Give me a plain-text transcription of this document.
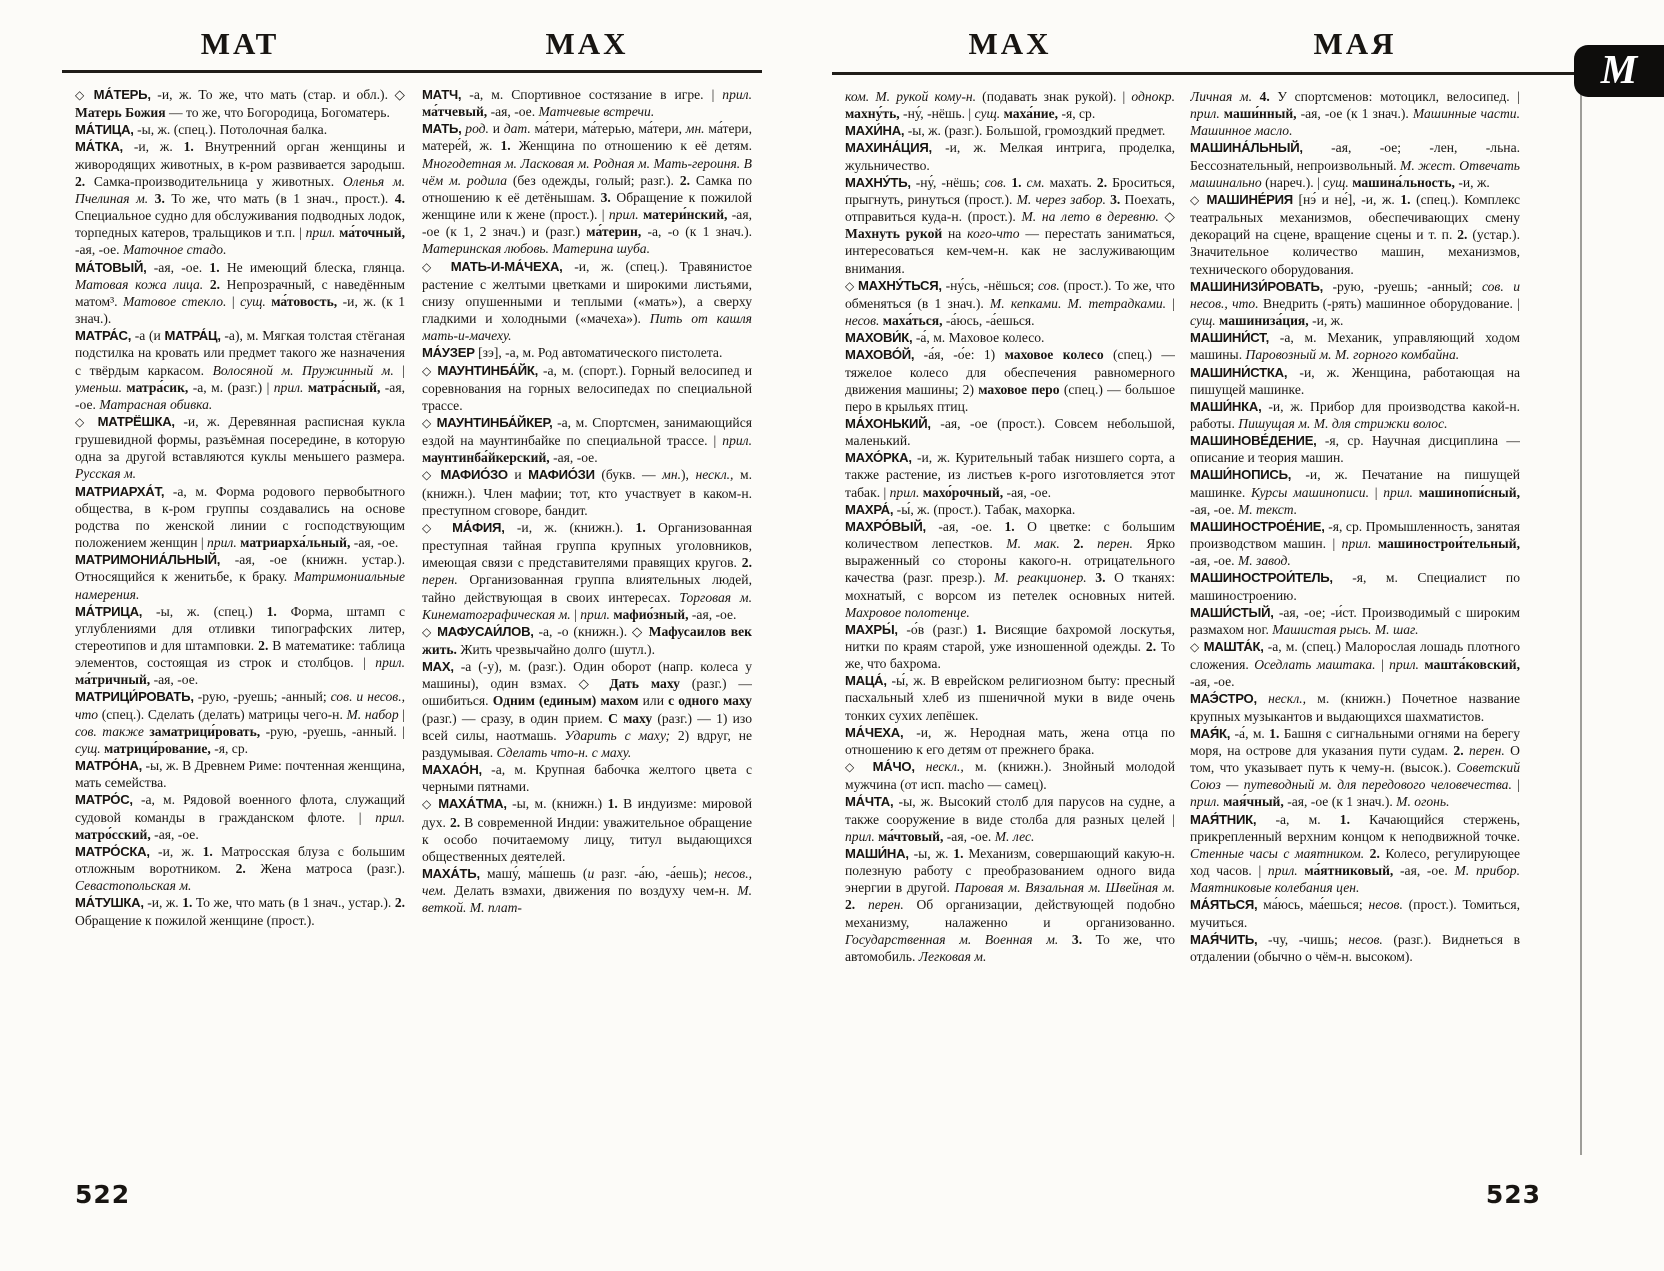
МАТ	МАХ	МАХ	МАЯ
M

◇ МА́ТЕРЬ, -и, ж. То же, что мать (стар. и обл.). ◇ Матерь Божия — то же, что Богородица, Богоматерь.

МА́ТИЦА, -ы, ж. (спец.). Потолочная балка.

МА́ТКА, -и, ж. 1. Внутренний орган женщины и живородящих животных, в к-ром развивается зародыш. 2. Самка-производительница у животных. Оленья м. Пчелиная м. 3. То же, что мать (в 1 знач., прост.). 4. Специальное судно для обслуживания подводных лодок, торпедных катеров, тральщиков и т.п. | прил. ма́точный, -ая, -ое. Маточное стадо.

МА́ТОВЫЙ, -ая, -ое. 1. Не имеющий блеска, глянца. Матовая кожа лица. 2. Непрозрачный, с наведённым матом³. Матовое стекло. | сущ. ма́товость, -и, ж. (к 1 знач.).

МАТРА́С, -а (и МАТРА́Ц, -а), м. Мягкая толстая стёганая подстилка на кровать или предмет такого же назначения с твёрдым каркасом. Волосяной м. Пружинный м. | уменьш. матра́сик, -а, м. (разг.) | прил. матра́сный, -ая, -ое. Матрасная обивка.

◇ МАТРЁШКА, -и, ж. Деревянная расписная кукла грушевидной формы, разъёмная посередине, в которую одна за другой вставляются куклы меньшего размера. Русская м.

МАТРИАРХА́Т, -а, м. Форма родового первобытного общества, в к-ром группы создавались на основе родства по женской линии с господствующим положением женщин | прил. матриарха́льный, -ая, -ое.

МАТРИМОНИА́ЛЬНЫЙ, -ая, -ое (книжн. устар.). Относящийся к женитьбе, к браку. Матримониальные намерения.

МА́ТРИЦА, -ы, ж. (спец.) 1. Форма, штамп с углублениями для отливки типографских литер, стереотипов и для штамповки. 2. В математике: таблица элементов, состоящая из строк и столбцов. | прил. ма́тричный, -ая, -ое.

МАТРИЦИ́РОВАТЬ, -рую, -руешь; -анный; сов. и несов., что (спец.). Сделать (делать) матрицы чего-н. М. набор | сов. также заматрици́ровать, -рую, -руешь, -анный. | сущ. матрици́рование, -я, ср.

МАТРО́НА, -ы, ж. В Древнем Риме: почтенная женщина, мать семейства.

МАТРО́С, -а, м. Рядовой военного флота, служащий судовой команды в гражданском флоте. | прил. матро́сский, -ая, -ое.

МАТРО́СКА, -и, ж. 1. Матросская блуза с большим отложным воротником. 2. Жена матроса (разг.). Севастопольская м.

МА́ТУШКА, -и, ж. 1. То же, что мать (в 1 знач., устар.). 2. Обращение к пожилой женщине (прост.).

МАТЧ, -а, м. Спортивное состязание в игре. | прил. ма́тчевый, -ая, -ое. Матчевые встречи.

МАТЬ, род. и дат. ма́тери, ма́терью, ма́тери, мн. ма́тери, матере́й, ж. 1. Женщина по отношению к её детям. Многодетная м. Ласковая м. Родная м. Мать-героиня. В чём м. родила (без одежды, голый; разг.). 2. Самка по отношению к её детёнышам. 3. Обращение к пожилой женщине или к жене (прост.). | прил. матери́нский, -ая, -ое (к 1, 2 знач.) и (разг.) ма́терин, -а, -о (к 1 знач.). Материнская любовь. Материна шуба.

◇ МАТЬ-И-МА́ЧЕХА, -и, ж. (спец.). Травянистое растение с желтыми цветками и широкими листьями, снизу опушенными и теплыми («мать»), а сверху гладкими и холодными («мачеха»). Пить от кашля мать-и-мачеху.

МА́УЗЕР [зэ], -а, м. Род автоматического пистолета.

◇ МАУНТИНБА́ЙК, -а, м. (спорт.). Горный велосипед и соревнования на горных велосипедах по специальной трассе.

◇ МАУНТИНБА́ЙКЕР, -а, м. Спортсмен, занимающийся ездой на маунтинбайке по специальной трассе. | прил. маунтинба́йкерский, -ая, -ое.

◇ МАФИО́ЗО и МАФИО́ЗИ (букв. — мн.), нескл., м. (книжн.). Член мафии; тот, кто участвует в каком-н. преступном сговоре, бандит.

◇ МА́ФИЯ, -и, ж. (книжн.). 1. Организованная преступная тайная группа крупных уголовников, имеющая связи с представителями правящих кругов. 2. перен. Организованная группа влиятельных людей, тайно действующая в своих интересах. Торговая м. Кинематографическая м. | прил. мафио́зный, -ая, -ое.

◇ МАФУСАИ́ЛОВ, -а, -о (книжн.). ◇ Мафусаилов век жить. Жить чрезвычайно долго (шутл.).

МАХ, -а (-у), м. (разг.). Один оборот (напр. колеса у машины), один взмах. ◇ Дать маху (разг.) — ошибиться. Одним (единым) махом или с одного маху (разг.) — сразу, в один прием. С маху (разг.) — 1) изо всей силы, наотмашь. Ударить с маху; 2) вдруг, не раздумывая. Сделать что-н. с маху.

МАХАО́Н, -а, м. Крупная бабочка желтого цвета с черными пятнами.

◇ МАХА́ТМА, -ы, м. (книжн.) 1. В индуизме: мировой дух. 2. В современной Индии: уважительное обращение к особо почитаемому лицу, титул выдающихся общественных деятелей.

МАХА́ТЬ, машу́, ма́шешь (и разг. -а́ю, -а́ешь); несов., чем. Делать взмахи, движения по воздуху чем-н. М. веткой. М. плат-

ком. М. рукой кому-н. (подавать знак рукой). | однокр. махну́ть, -ну́, -нёшь. | сущ. маха́ние, -я, ср.

МАХИ́НА, -ы, ж. (разг.). Большой, громоздкий предмет.

МАХИНА́ЦИЯ, -и, ж. Мелкая интрига, проделка, жульничество.

МАХНУ́ТЬ, -ну́, -нёшь; сов. 1. см. махать. 2. Броситься, прыгнуть, ринуться (прост.). М. через забор. 3. Поехать, отправиться куда-н. (прост.). М. на лето в деревню. ◇ Махнуть рукой на кого-что — перестать заниматься, интересоваться кем-чем-н. как не заслуживающим внимания.

◇ МАХНУ́ТЬСЯ, -ну́сь, -нёшься; сов. (прост.). То же, что обменяться (в 1 знач.). М. кепками. М. тетрадками. | несов. маха́ться, -а́юсь, -а́ешься.

МАХОВИ́К, -а́, м. Маховое колесо.

МАХОВО́Й, -а́я, -о́е: 1) маховое колесо (спец.) — тяжелое колесо для обеспечения равномерного движения машины; 2) маховое перо (спец.) — большое перо в крыльях птиц.

МА́ХОНЬКИЙ, -ая, -ое (прост.). Совсем небольшой, маленький.

МАХО́РКА, -и, ж. Курительный табак низшего сорта, а также растение, из листьев к-рого изготовляется этот табак. | прил. махо́рочный, -ая, -ое.

МАХРА́, -ы́, ж. (прост.). Табак, махорка.

МАХРО́ВЫЙ, -ая, -ое. 1. О цветке: с большим количеством лепестков. М. мак. 2. перен. Ярко выраженный со стороны какого-н. отрицательного качества (разг. презр.). М. реакционер. 3. О тканях: мохнатый, с ворсом из петелек основных нитей. Махровое полотенце.

МАХРЫ́, -о́в (разг.) 1. Висящие бахромой лоскутья, нитки по краям старой, уже изношенной одежды. 2. То же, что бахрома.

МАЦА́, -ы́, ж. В еврейском религиозном быту: пресный пасхальный хлеб из пшеничной муки в виде очень тонких сухих лепёшек.

МА́ЧЕХА, -и, ж. Неродная мать, жена отца по отношению к его детям от прежнего брака.

◇ МА́ЧО, нескл., м. (книжн.). Знойный молодой мужчина (от исп. macho — самец).

МА́ЧТА, -ы, ж. Высокий столб для парусов на судне, а также сооружение в виде столба для разных целей | прил. ма́чтовый, -ая, -ое. М. лес.

МАШИ́НА, -ы, ж. 1. Механизм, совершающий какую-н. полезную работу с преобразованием одного вида энергии в другой. Паровая м. Вязальная м. Швейная м. 2. перен. Об организации, действующей подобно механизму, налаженно и организованно. Государственная м. Военная м. 3. То же, что автомобиль. Легковая м.

Личная м. 4. У спортсменов: мотоцикл, велосипед. | прил. маши́нный, -ая, -ое (к 1 знач.). Машинные части. Машинное масло.

МАШИНА́ЛЬНЫЙ, -ая, -ое; -лен, -льна. Бессознательный, непроизвольный. М. жест. Отвечать машинально (нареч.). | сущ. машина́льность, -и, ж.

◇ МАШИНЕ́РИЯ [нэ́ и не́], -и, ж. 1. (спец.). Комплекс театральных механизмов, обеспечивающих смену декораций на сцене, вращение сцены и т. п. 2. (устар.). Значительное количество машин, механизмов, технического оборудования.

МАШИНИЗИ́РОВАТЬ, -рую, -руешь; -анный; сов. и несов., что. Внедрить (-рять) машинное оборудование. | сущ. машиниза́ция, -и, ж.

МАШИНИ́СТ, -а, м. Механик, управляющий ходом машины. Паровозный м. М. горного комбайна.

МАШИНИ́СТКА, -и, ж. Женщина, работающая на пишущей машинке.

МАШИ́НКА, -и, ж. Прибор для производства какой-н. работы. Пишущая м. М. для стрижки волос.

МАШИНОВЕ́ДЕНИЕ, -я, ср. Научная дисциплина — описание и теория машин.

МАШИ́НОПИСЬ, -и, ж. Печатание на пишущей машинке. Курсы машинописи. | прил. машинопи́сный, -ая, -ое. М. текст.

МАШИНОСТРОЕ́НИЕ, -я, ср. Промышленность, занятая производством машин. | прил. машинострои́тельный, -ая, -ое. М. завод.

МАШИНОСТРОИ́ТЕЛЬ, -я, м. Специалист по машиностроению.

МАШИ́СТЫЙ, -ая, -ое; -и́ст. Производимый с широким размахом ног. Машистая рысь. М. шаг.

◇ МАШТА́К, -а, м. (спец.) Малорослая лошадь плотного сложения. Оседлать маштака. | прил. машта́ковский, -ая, -ое.

МАЭ́СТРО, нескл., м. (книжн.) Почетное название крупных музыкантов и выдающихся шахматистов.

МАЯ́К, -а́, м. 1. Башня с сигнальными огнями на берегу моря, на острове для указания пути судам. 2. перен. О том, что указывает путь к чему-н. (высок.). Советский Союз — путеводный м. для передового человечества. | прил. мая́чный, -ая, -ое (к 1 знач.). М. огонь.

МАЯ́ТНИК, -а, м. 1. Качающийся стержень, прикрепленный верхним концом к неподвижной точке. Стенные часы с маятником. 2. Колесо, регулирующее ход часов. | прил. ма́ятниковый, -ая, -ое. М. прибор. Маятниковые колебания цен.

МА́ЯТЬСЯ, ма́юсь, ма́ешься; несов. (прост.). Томиться, мучиться.

МАЯ́ЧИТЬ, -чу, -чишь; несов. (разг.). Виднеться в отдалении (обычно о чём-н. высоком).

522	523
